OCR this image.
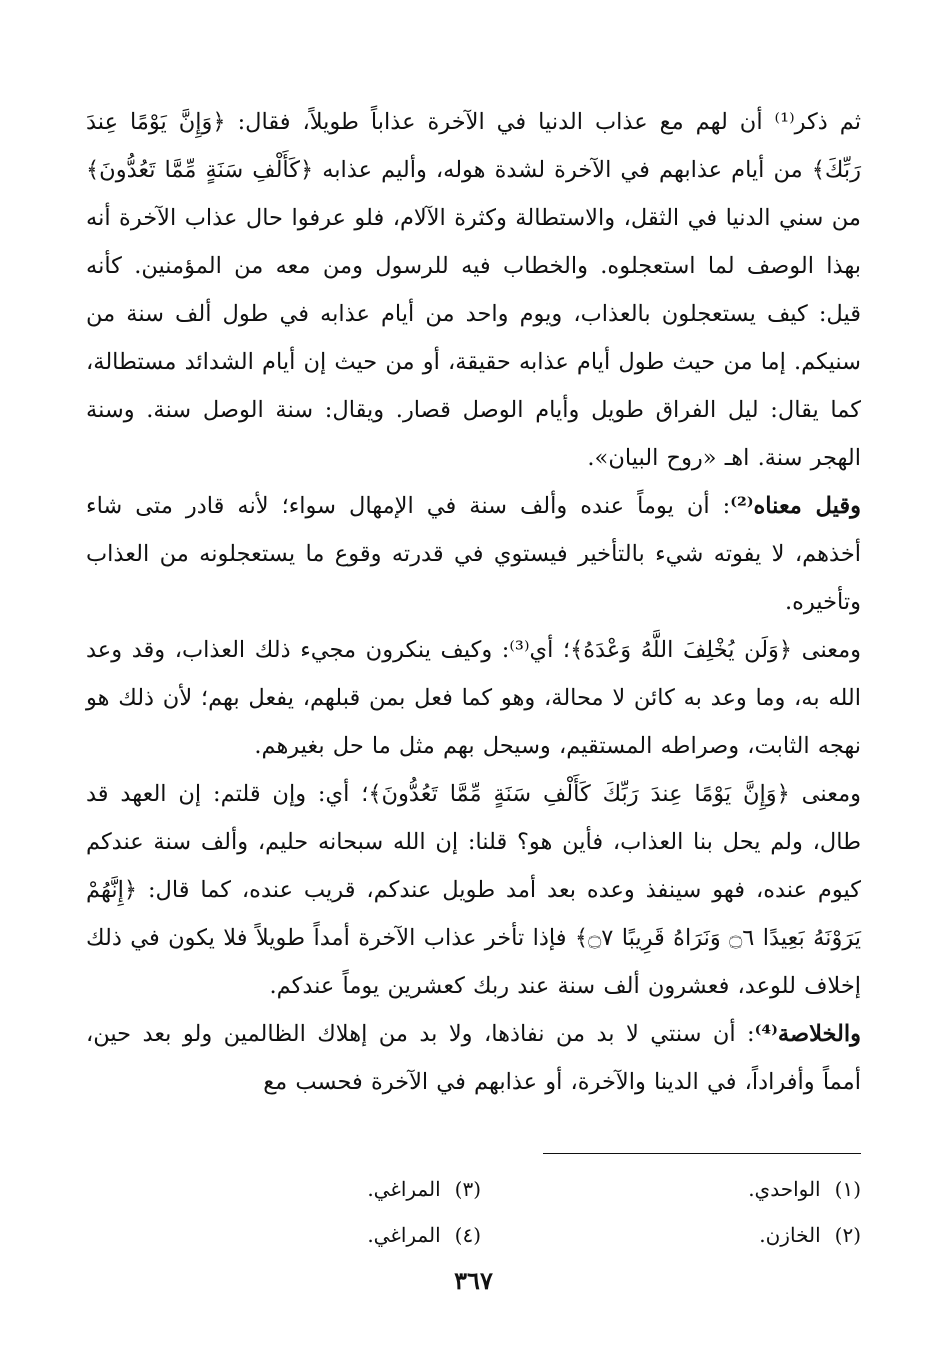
ثم ذكر⁽¹⁾ أن لهم مع عذاب الدنيا في الآخرة عذاباً طويلاً، فقال: ﴿وَإِنَّ يَوْمًا عِندَ رَبِّكَ﴾ من أيام عذابهم في الآخرة لشدة هوله، وأليم عذابه ﴿كَأَلْفِ سَنَةٍ مِّمَّا تَعُدُّونَ﴾ من سني الدنيا في الثقل، والاستطالة وكثرة الآلام، فلو عرفوا حال عذاب الآخرة أنه بهذا الوصف لما استعجلوه. والخطاب فيه للرسول ومن معه من المؤمنين. كأنه قيل: كيف يستعجلون بالعذاب، ويوم واحد من أيام عذابه في طول ألف سنة من سنيكم. إما من حيث طول أيام عذابه حقيقة، أو من حيث إن أيام الشدائد مستطالة، كما يقال: ليل الفراق طويل وأيام الوصل قصار. ويقال: سنة الوصل سنة. وسنة الهجر سنة. اهـ «روح البيان».

وقيل معناه⁽²⁾: أن يوماً عنده وألف سنة في الإمهال سواء؛ لأنه قادر متى شاء أخذهم، لا يفوته شيء بالتأخير فيستوي في قدرته وقوع ما يستعجلونه من العذاب وتأخيره.

ومعنى ﴿وَلَن يُخْلِفَ اللَّهُ وَعْدَهُ﴾؛ أي⁽³⁾: وكيف ينكرون مجيء ذلك العذاب، وقد وعد الله به، وما وعد به كائن لا محالة، وهو كما فعل بمن قبلهم، يفعل بهم؛ لأن ذلك هو نهجه الثابت، وصراطه المستقيم، وسيحل بهم مثل ما حل بغيرهم.

ومعنى ﴿وَإِنَّ يَوْمًا عِندَ رَبِّكَ كَأَلْفِ سَنَةٍ مِّمَّا تَعُدُّونَ﴾؛ أي: وإن قلتم: إن العهد قد طال، ولم يحل بنا العذاب، فأين هو؟ قلنا: إن الله سبحانه حليم، وألف سنة عندكم كيوم عنده، فهو سينفذ وعده بعد أمد طويل عندكم، قريب عنده، كما قال: ﴿إِنَّهُمْ يَرَوْنَهُ بَعِيدًا ۝٦ وَنَرَاهُ قَرِيبًا ۝٧﴾ فإذا تأخر عذاب الآخرة أمداً طويلاً فلا يكون في ذلك إخلاف للوعد، فعشرون ألف سنة عند ربك كعشرين يوماً عندكم.

والخلاصة⁽⁴⁾: أن سنتي لا بد من نفاذها، ولا بد من إهلاك الظالمين ولو بعد حين، أمماً وأفراداً، في الدينا والآخرة، أو عذابهم في الآخرة فحسب مع

(١)الواحدي.
(٣)المراغي.
(٢)الخازن.
(٤)المراغي.
٣٦٧
